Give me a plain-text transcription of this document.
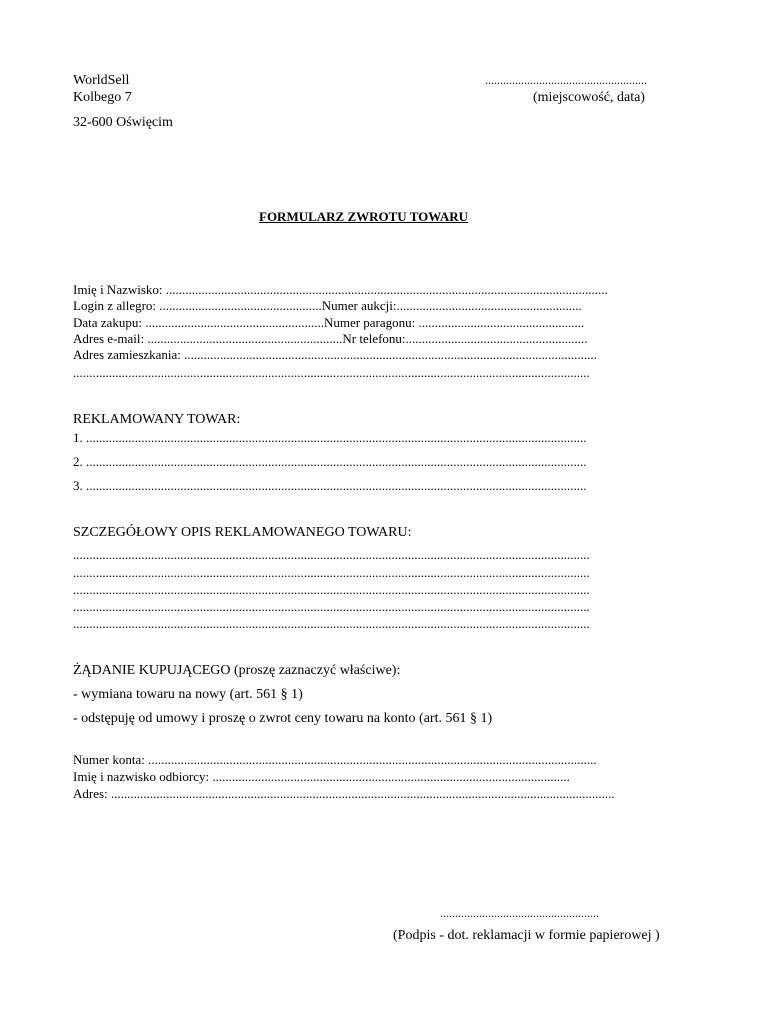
WorldSell
Kolbego 7
32-600 Oświęcim
......................................................
(miejscowość, data)
FORMULARZ ZWROTU TOWARU
Imię i Nazwisko: ........................................................................................................................................
Login z allegro: ..................................................Numer aukcji:.........................................................
Data zakupu: .......................................................Numer paragonu: ...................................................
Adres e-mail: ............................................................Nr telefonu:........................................................
Adres zamieszkania: ...............................................................................................................................
...............................................................................................................................................................
REKLAMOWANY TOWAR:
1. ..........................................................................................................................................................
2. ..........................................................................................................................................................
3. ..........................................................................................................................................................
SZCZEGÓŁOWY OPIS REKLAMOWANEGO TOWARU:
...............................................................................................................................................................
...............................................................................................................................................................
...............................................................................................................................................................
...............................................................................................................................................................
...............................................................................................................................................................
ŻĄDANIE KUPUJĄCEGO (proszę zaznaczyć właściwe):
- wymiana towaru na nowy (art. 561 § 1)
- odstępuję od umowy i proszę o zwrot ceny towaru na konto (art. 561 § 1)
Numer konta: ..........................................................................................................................................
Imię i nazwisko odbiorcy: ..............................................................................................................
Adres: ...........................................................................................................................................................
.....................................................
(Podpis - dot. reklamacji w formie papierowej )
